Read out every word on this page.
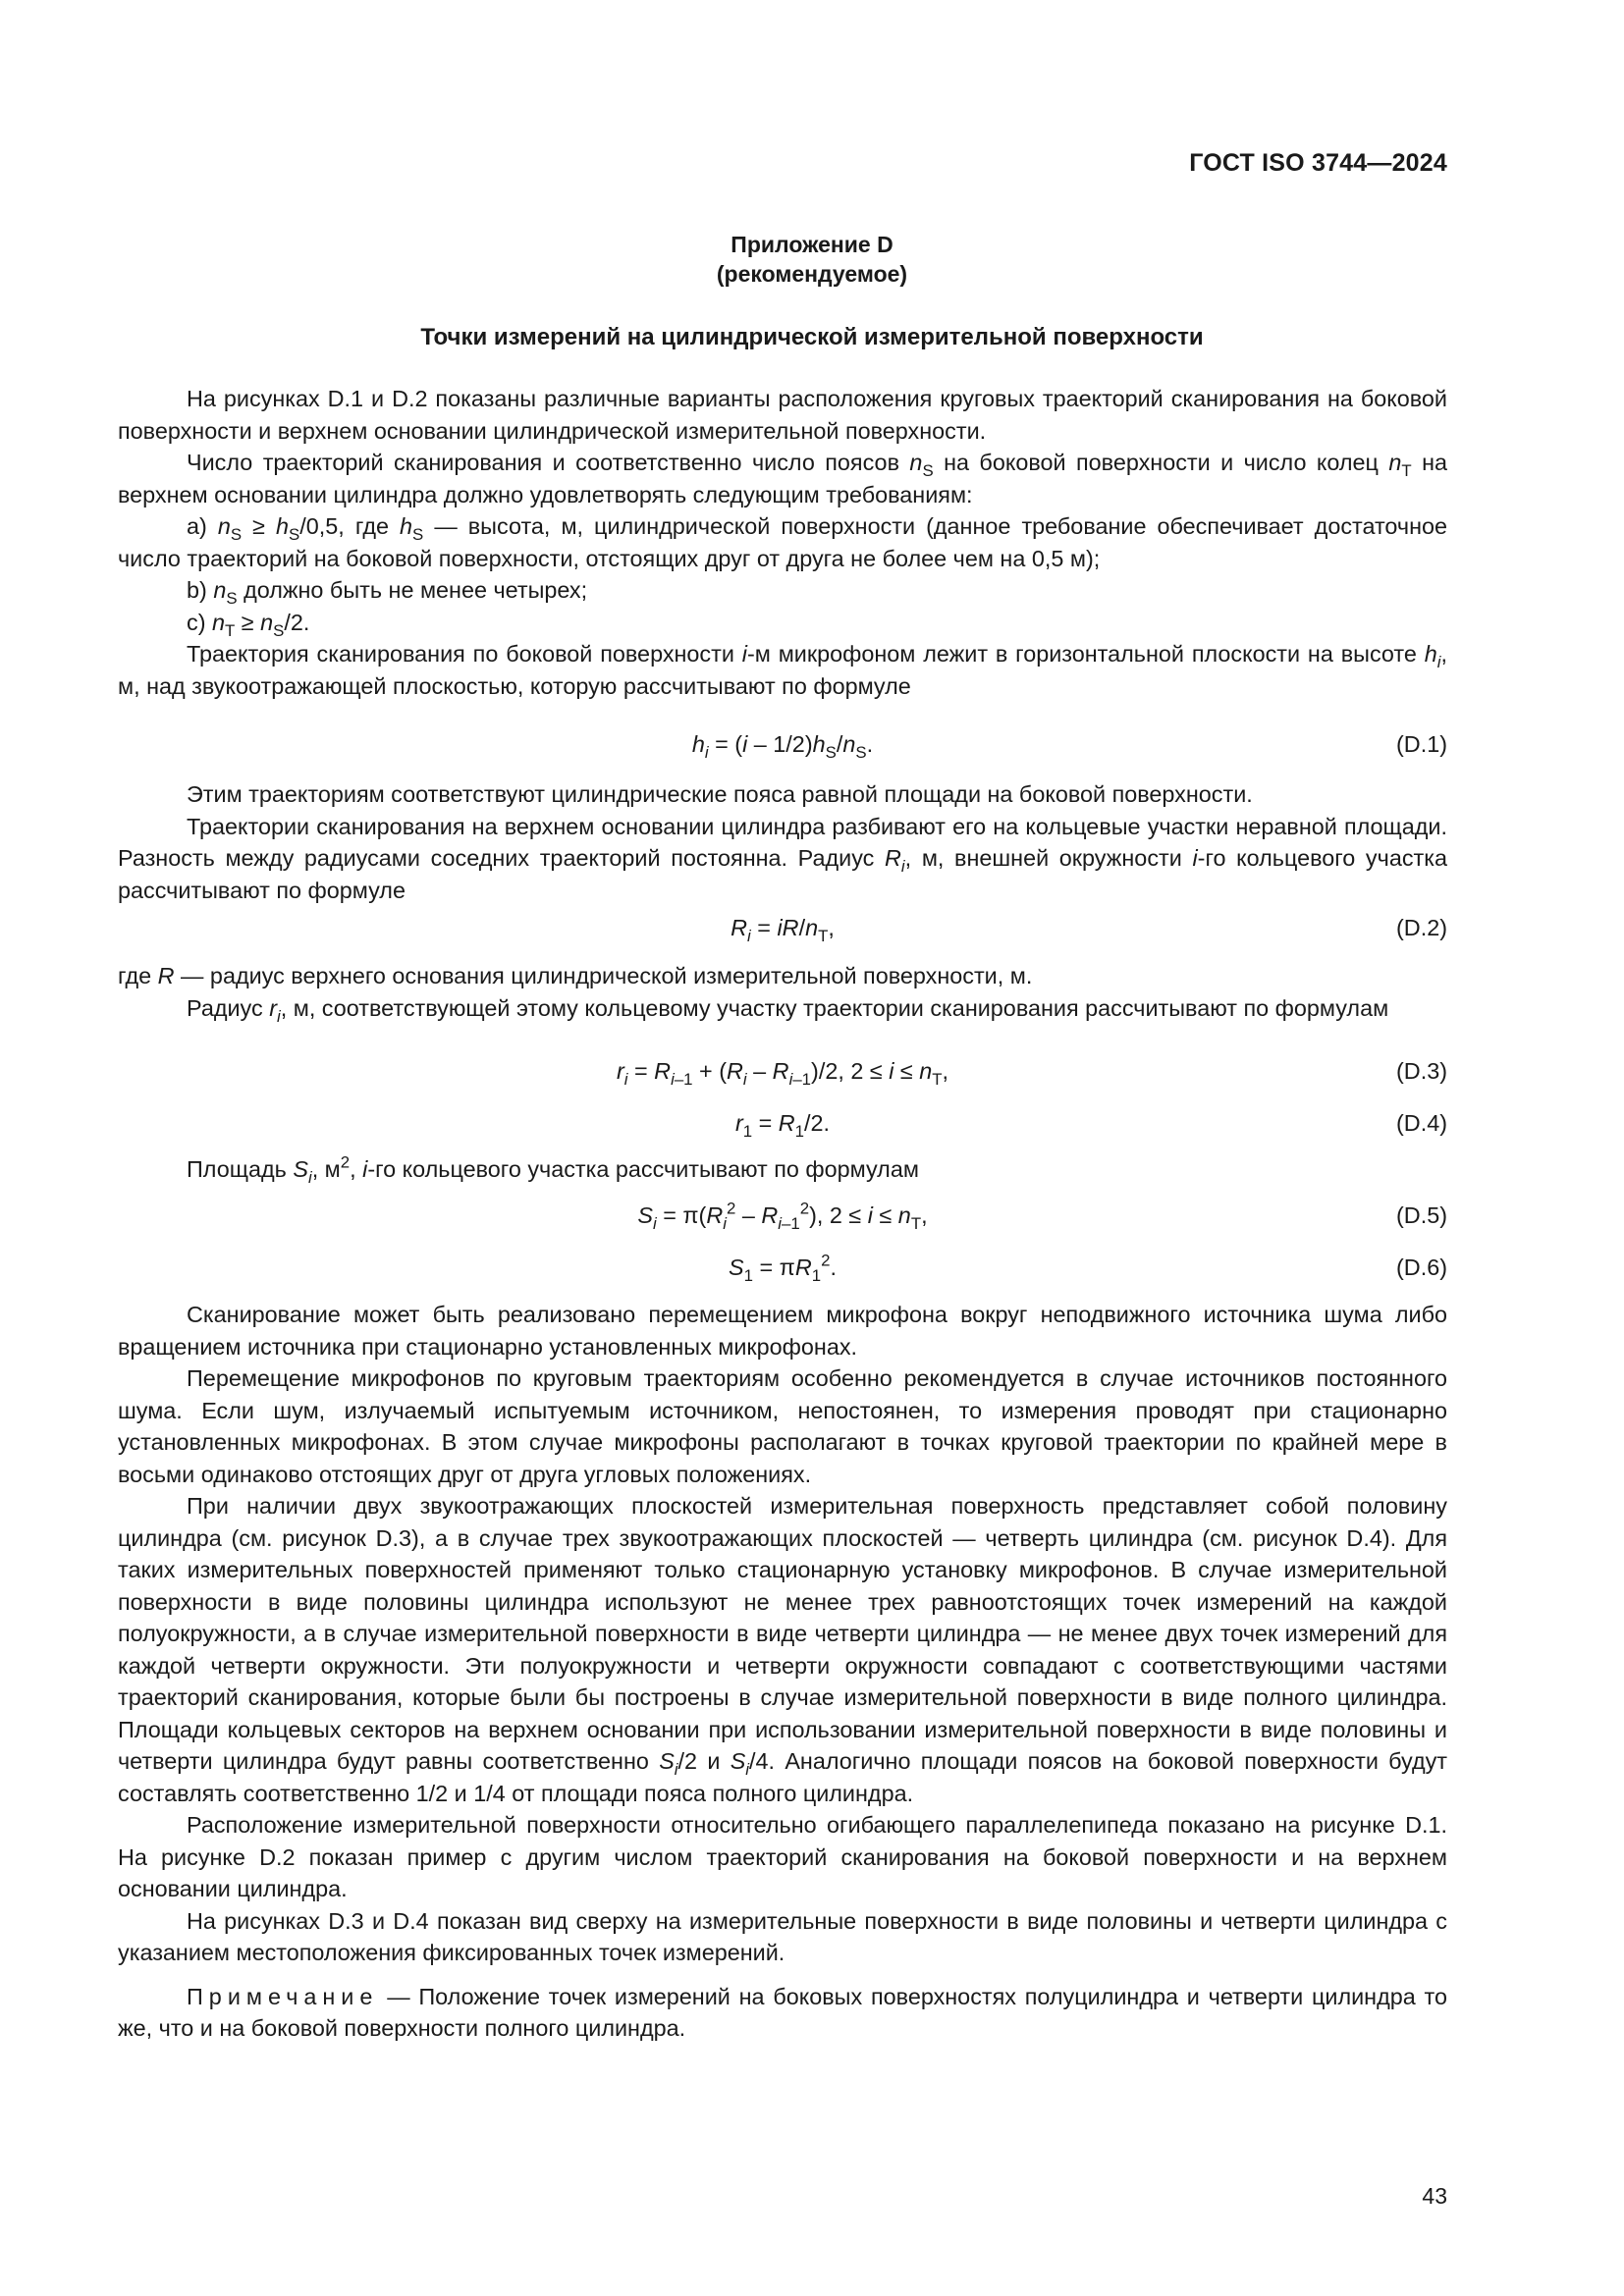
ГОСТ ISO 3744—2024
Приложение D
(рекомендуемое)
Точки измерений на цилиндрической измерительной поверхности

На рисунках D.1 и D.2 показаны различные варианты расположения круговых траекторий сканирования на боковой поверхности и верхнем основании цилиндрической измерительной поверхности.

Число траекторий сканирования и соответственно число поясов $n_S$ на боковой поверхности и число колец $n_T$ на верхнем основании цилиндра должно удовлетворять следующим требованиям:

a) $n_S \ge h_S/0,5$, где $h_S$ — высота, м, цилиндрической поверхности (данное требование обеспечивает достаточное число траекторий на боковой поверхности, отстоящих друг от друга не более чем на 0,5 м);

b) $n_S$ должно быть не менее четырех;

c) $n_T \ge n_S/2$.

Траектория сканирования по боковой поверхности i-м микрофоном лежит в горизонтальной плоскости на высоте $h_i$, м, над звукоотражающей плоскостью, которую рассчитывают по формуле

$h_i = (i - 1/2)h_S/n_S$.	(D.1)

Этим траекториям соответствуют цилиндрические пояса равной площади на боковой поверхности.

Траектории сканирования на верхнем основании цилиндра разбивают его на кольцевые участки неравной площади. Разность между радиусами соседних траекторий постоянна. Радиус $R_i$, м, внешней окружности i-го кольцевого участка рассчитывают по формуле

$R_i = iR/n_T$,	(D.2)

где R — радиус верхнего основания цилиндрической измерительной поверхности, м.

Радиус $r_i$, м, соответствующей этому кольцевому участку траектории сканирования рассчитывают по формулам

$r_i = R_{i-1} + (R_i - R_{i-1})/2$, $2 \le i \le n_T$,	(D.3)
$r_1 = R_1/2$.	(D.4)

Площадь $S_i$, $м^2$, i-го кольцевого участка рассчитывают по формулам

$S_i = \pi(R_i^2 - R_{i-1}^2)$, $2 \le i \le n_T$,	(D.5)
$S_1 = \pi R_1^2$.	(D.6)

Сканирование может быть реализовано перемещением микрофона вокруг неподвижного источника шума либо вращением источника при стационарно установленных микрофонах.

Перемещение микрофонов по круговым траекториям особенно рекомендуется в случае источников постоянного шума. Если шум, излучаемый испытуемым источником, непостоянен, то измерения проводят при стационарно установленных микрофонах. В этом случае микрофоны располагают в точках круговой траектории по крайней мере в восьми одинаково отстоящих друг от друга угловых положениях.

При наличии двух звукоотражающих плоскостей измерительная поверхность представляет собой половину цилиндра (см. рисунок D.3), а в случае трех звукоотражающих плоскостей — четверть цилиндра (см. рисунок D.4). Для таких измерительных поверхностей применяют только стационарную установку микрофонов. В случае измерительной поверхности в виде половины цилиндра используют не менее трех равноотстоящих точек измерений на каждой полуокружности, а в случае измерительной поверхности в виде четверти цилиндра — не менее двух точек измерений для каждой четверти окружности. Эти полуокружности и четверти окружности совпадают с соответствующими частями траекторий сканирования, которые были бы построены в случае измерительной поверхности в виде полного цилиндра. Площади кольцевых секторов на верхнем основании при использовании измерительной поверхности в виде половины и четверти цилиндра будут равны соответственно $S_i/2$ и $S_i/4$. Аналогично площади поясов на боковой поверхности будут составлять соответственно 1/2 и 1/4 от площади пояса полного цилиндра.

Расположение измерительной поверхности относительно огибающего параллелепипеда показано на рисунке D.1. На рисунке D.2 показан пример с другим числом траекторий сканирования на боковой поверхности и на верхнем основании цилиндра.

На рисунках D.3 и D.4 показан вид сверху на измерительные поверхности в виде половины и четверти цилиндра с указанием местоположения фиксированных точек измерений.

Примечание — Положение точек измерений на боковых поверхностях полуцилиндра и четверти цилиндра то же, что и на боковой поверхности полного цилиндра.

43
